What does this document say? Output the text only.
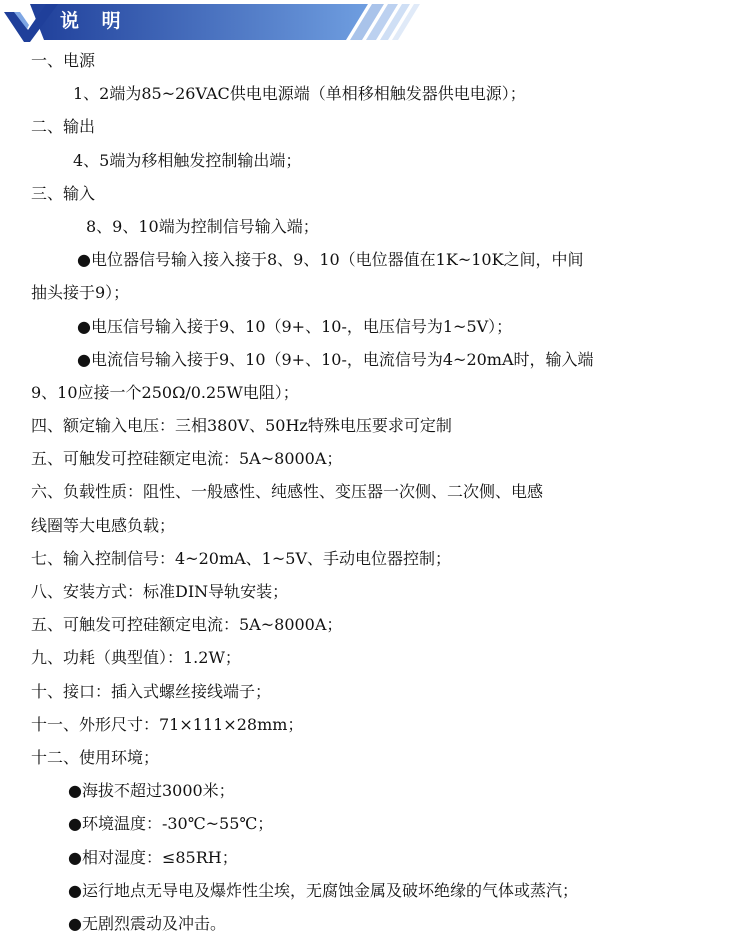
说 明
一、电源
1、2端为85~26VAC供电电源端（单相移相触发器供电电源）；
二、输出
4、5端为移相触发控制输出端；
三、输入
8、9、10端为控制信号输入端；
●电位器信号输入接入接于8、9、10（电位器值在1K~10K之间，中间
抽头接于9）；
●电压信号输入接于9、10（9+、10-，电压信号为1~5V）；
●电流信号输入接于9、10（9+、10-，电流信号为4~20mA时，输入端
9、10应接一个250Ω/0.25W电阻）；
四、额定输入电压：三相380V、50Hz特殊电压要求可定制
五、可触发可控硅额定电流：5A~8000A；
六、负载性质：阻性、一般感性、纯感性、变压器一次侧、二次侧、电感
线圈等大电感负载；
七、输入控制信号：4~20mA、1~5V、手动电位器控制；
八、安装方式：标准DIN导轨安装；
五、可触发可控硅额定电流：5A~8000A；
九、功耗（典型值）：1.2W；
十、接口：插入式螺丝接线端子；
十一、外形尺寸：71×111×28mm；
十二、使用环境；
●海拔不超过3000米；
●环境温度：-30℃~55℃；
●相对湿度：≤85RH；
●运行地点无导电及爆炸性尘埃，无腐蚀金属及破坏绝缘的气体或蒸汽；
●无剧烈震动及冲击。
